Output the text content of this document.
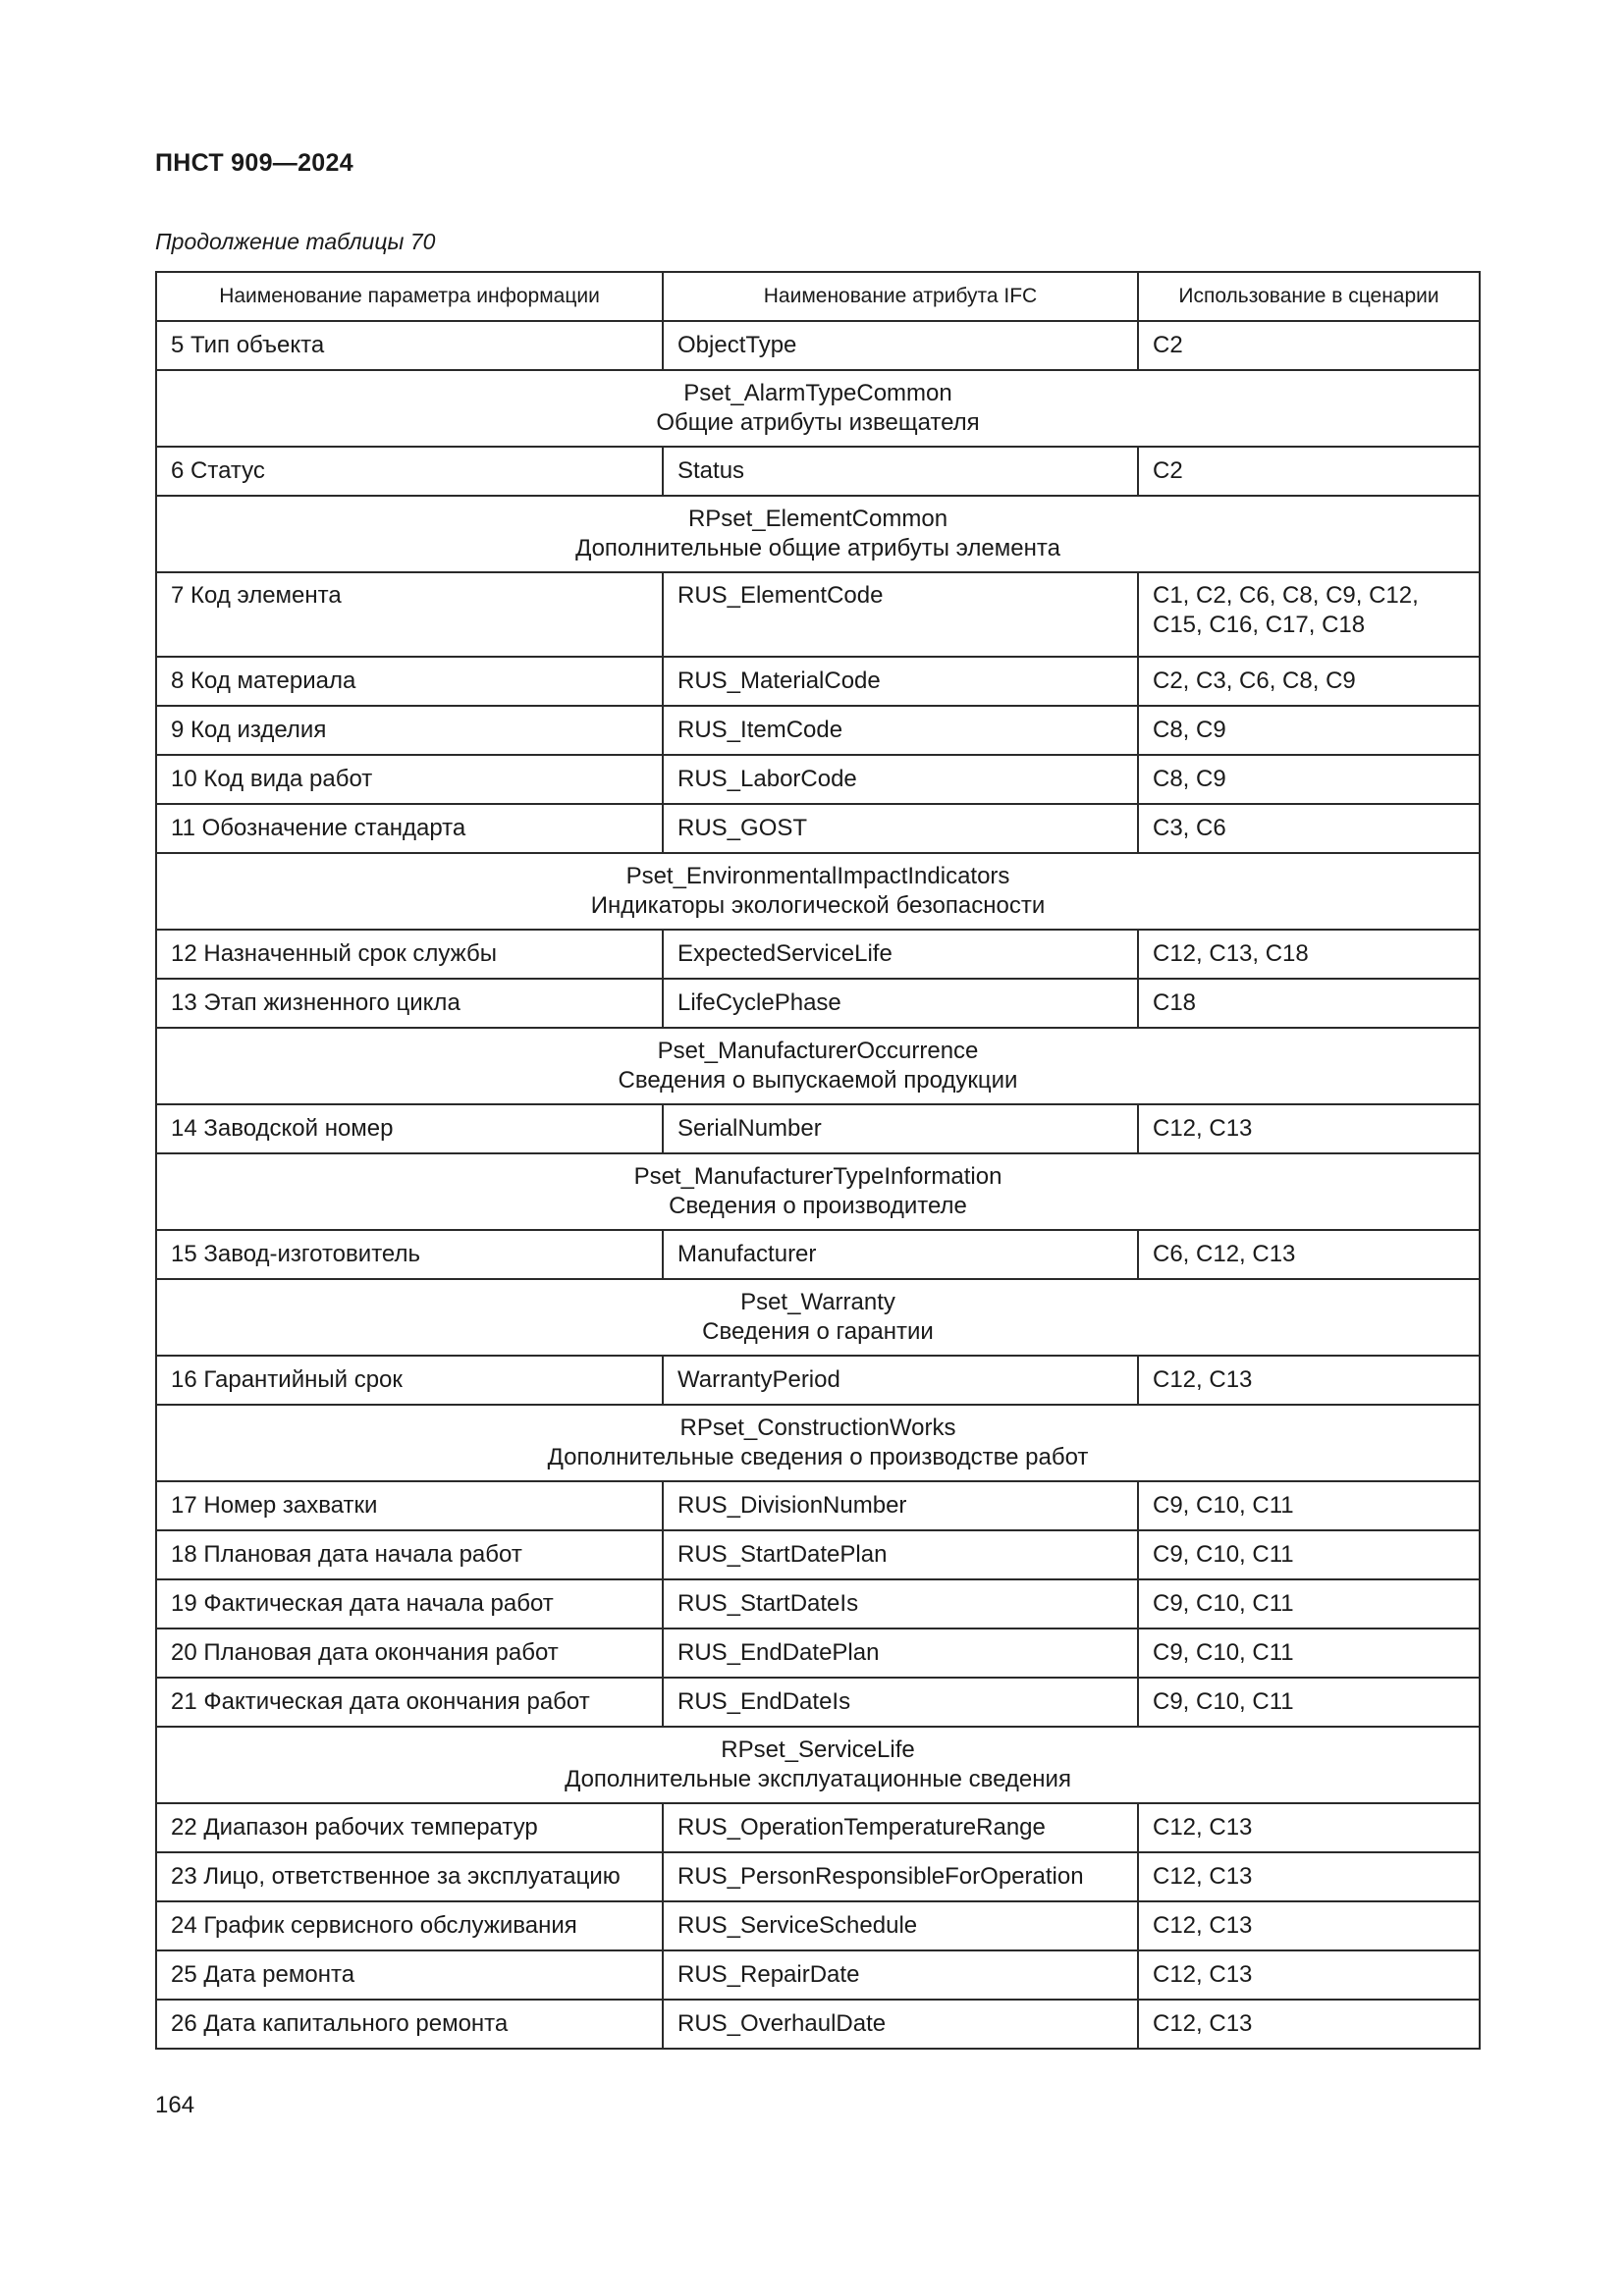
ПНСТ 909—2024
Продолжение таблицы 70
Наименование параметра информации	Наименование атрибута IFC	Использование в сценарии
5 Тип объекта	ObjectType	C2

Pset_AlarmTypeCommon
Общие атрибуты извещателя		

6 Статус	Status	C2

RPset_ElementCommon
Дополнительные общие атрибуты элемента		

7 Код элемента	RUS_ElementCode	C1, C2, C6, C8, C9, C12, C15, C16, C17, C18
8 Код материала	RUS_MaterialCode	C2, C3, C6, C8, C9
9 Код изделия	RUS_ItemCode	C8, C9
10 Код вида работ	RUS_LaborCode	C8, C9
11 Обозначение стандарта	RUS_GOST	C3, C6

Pset_EnvironmentalImpactIndicators
Индикаторы экологической безопасности		

12 Назначенный срок службы	ExpectedServiceLife	C12, C13, C18
13 Этап жизненного цикла	LifeCyclePhase	C18

Pset_ManufacturerOccurrence
Сведения о выпускаемой продукции		

14 Заводской номер	SerialNumber	C12, C13

Pset_ManufacturerTypeInformation
Сведения о производителе		

15 Завод-изготовитель	Manufacturer	C6, C12, C13

Pset_Warranty
Сведения о гарантии		

16 Гарантийный срок	WarrantyPeriod	C12, C13

RPset_ConstructionWorks
Дополнительные сведения о производстве работ		

17 Номер захватки	RUS_DivisionNumber	C9, C10, C11
18 Плановая дата начала работ	RUS_StartDatePlan	C9, C10, C11
19 Фактическая дата начала работ	RUS_StartDateIs	C9, C10, C11
20 Плановая дата окончания работ	RUS_EndDatePlan	C9, C10, C11
21 Фактическая дата окончания работ	RUS_EndDateIs	C9, C10, C11

RPset_ServiceLife
Дополнительные эксплуатационные сведения		

22 Диапазон рабочих температур	RUS_OperationTemperatureRange	C12, C13
23 Лицо, ответственное за эксплуатацию	RUS_PersonResponsibleForOperation	C12, C13
24 График сервисного обслуживания	RUS_ServiceSchedule	C12, C13
25 Дата ремонта	RUS_RepairDate	C12, C13
26 Дата капитального ремонта	RUS_OverhaulDate	C12, C13
164
